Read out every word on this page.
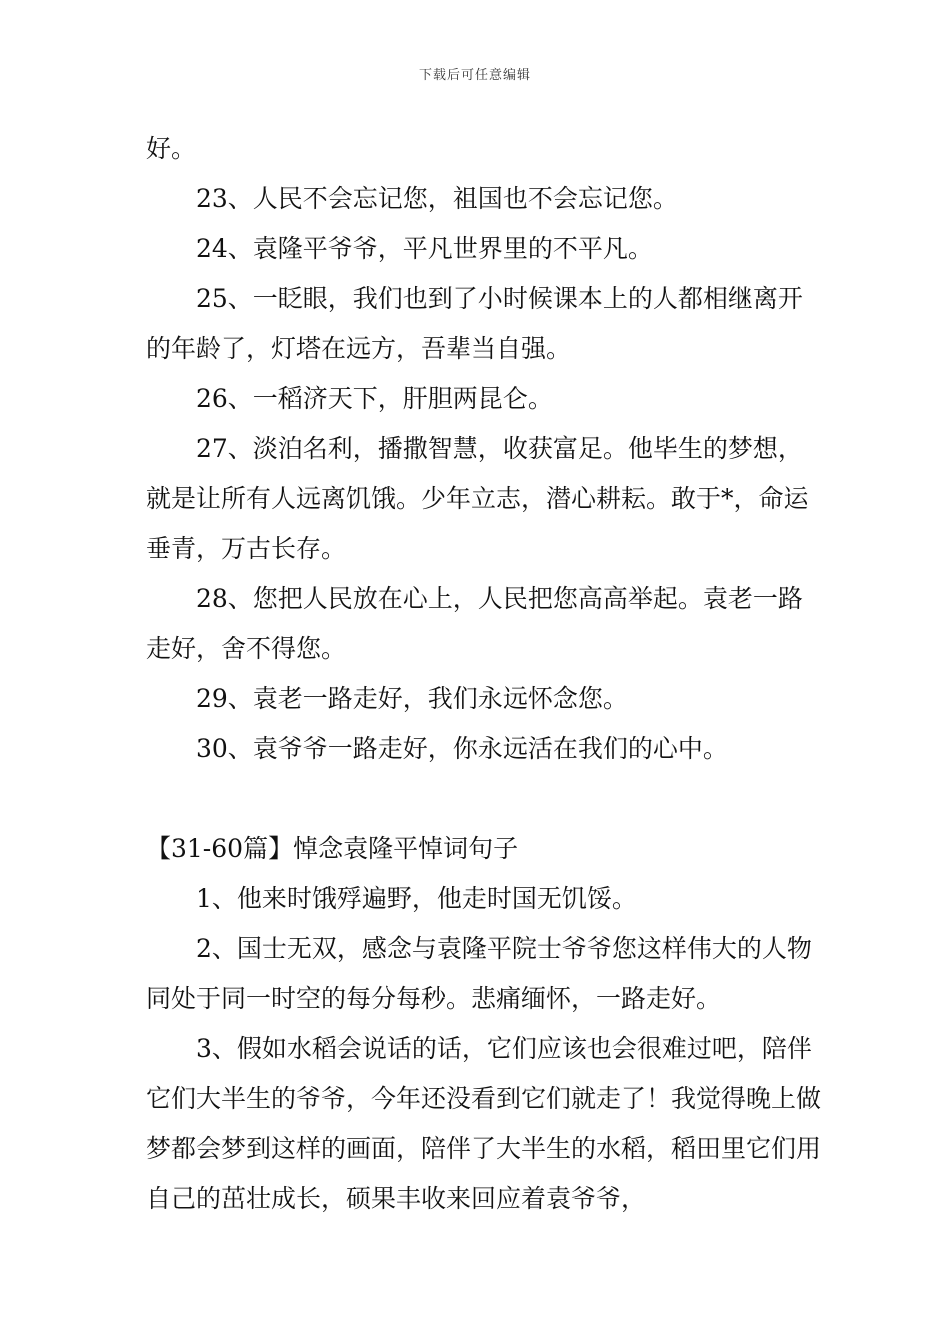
下载后可任意编辑

好。

23、人民不会忘记您，祖国也不会忘记您。

24、袁隆平爷爷，平凡世界里的不平凡。

25、一眨眼，我们也到了小时候课本上的人都相继离开的年龄了，灯塔在远方，吾辈当自强。

26、一稻济天下，肝胆两昆仑。

27、淡泊名利，播撒智慧，收获富足。他毕生的梦想，就是让所有人远离饥饿。少年立志，潜心耕耘。敢于*，命运垂青，万古长存。

28、您把人民放在心上，人民把您高高举起。袁老一路走好，舍不得您。

29、袁老一路走好，我们永远怀念您。

30、袁爷爷一路走好，你永远活在我们的心中。

【31-60篇】悼念袁隆平悼词句子

1、他来时饿殍遍野，他走时国无饥馁。

2、国士无双，感念与袁隆平院士爷爷您这样伟大的人物同处于同一时空的每分每秒。悲痛缅怀，一路走好。

3、假如水稻会说话的话，它们应该也会很难过吧，陪伴它们大半生的爷爷，今年还没看到它们就走了！我觉得晚上做梦都会梦到这样的画面，陪伴了大半生的水稻，稻田里它们用自己的茁壮成长，硕果丰收来回应着袁爷爷，
